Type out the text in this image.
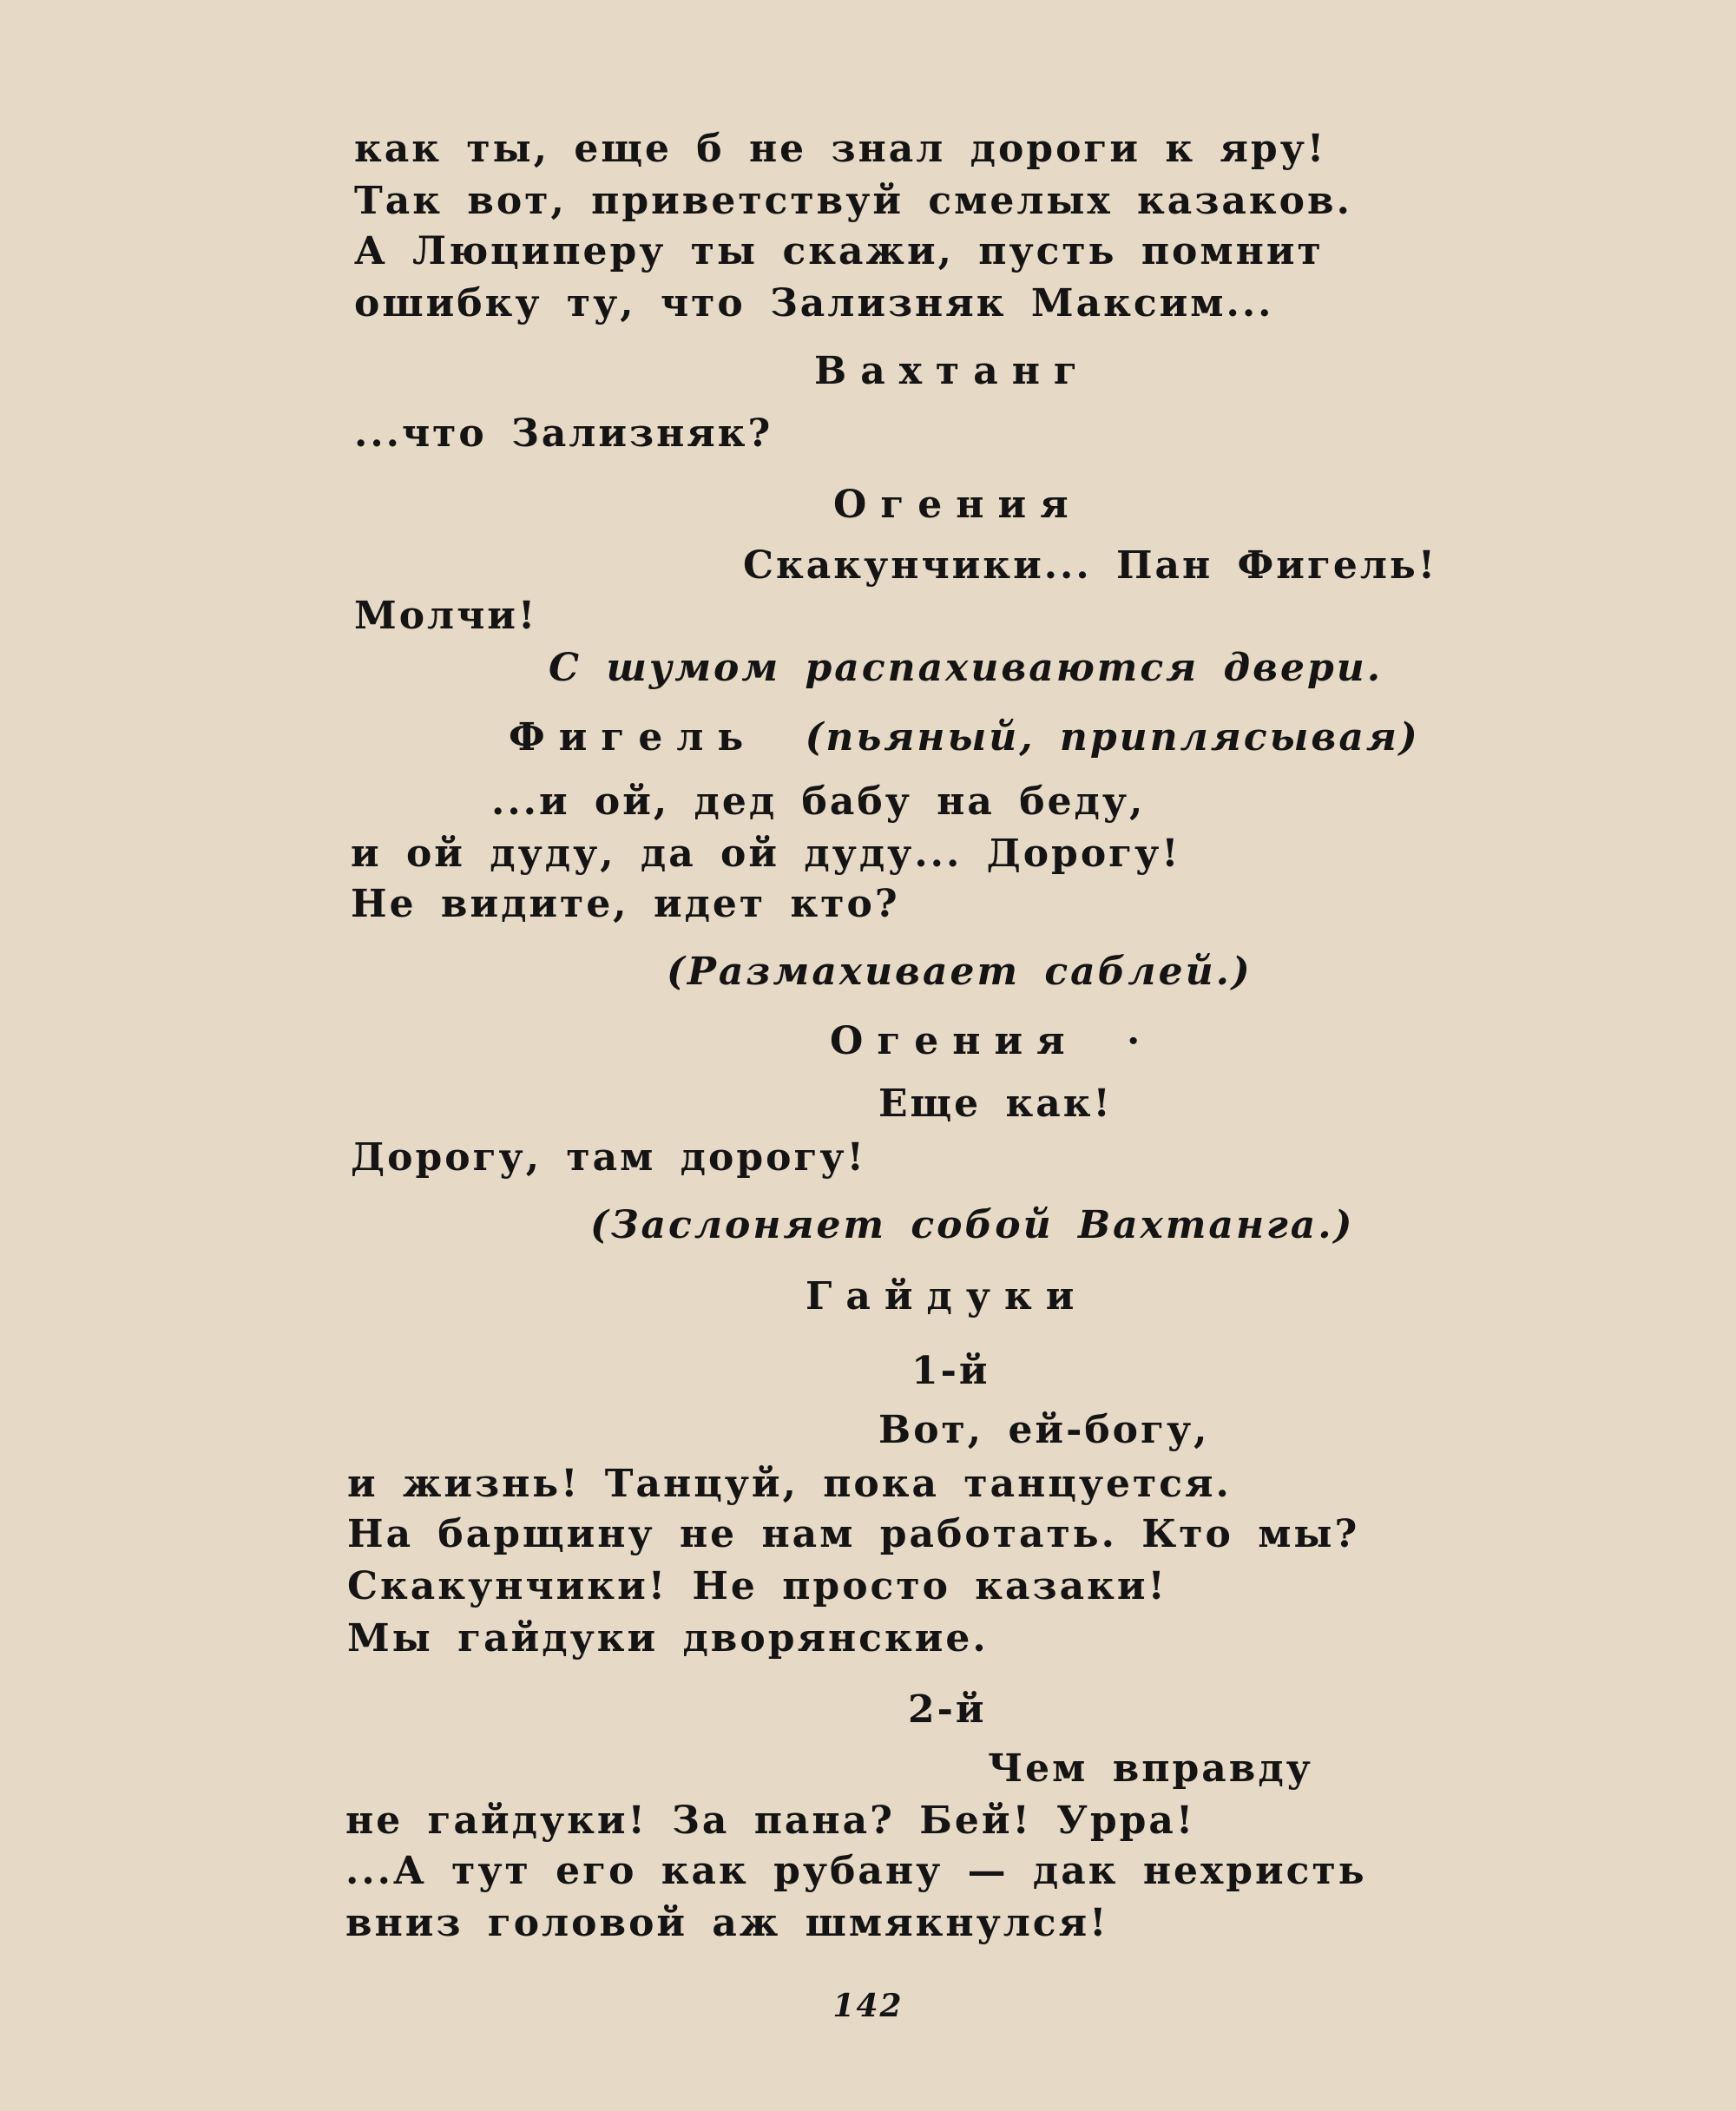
как ты, еще б не знал дороги к яру!
Так вот, приветствуй смелых казаков.
А Люциперу ты скажи, пусть помнит
ошибку ту, что Зализняк Максим...
Вахтанг
...что Зализняк?
Огения
Скакунчики... Пан Фигель!
Молчи!
С шумом распахиваются двери.
Фигель (пьяный, приплясывая)
...и ой, дед бабу на беду,
и ой дуду, да ой дуду... Дорогу!
Не видите, идет кто?
(Размахивает саблей.)
Огения ·
Еще как!
Дорогу, там дорогу!
(Заслоняет собой Вахтанга.)
Гайдуки
1-й
Вот, ей-богу,
и жизнь! Танцуй, пока танцуется.
На барщину не нам работать. Кто мы?
Скакунчики! Не просто казаки!
Мы гайдуки дворянские.
2-й
Чем вправду
не гайдуки! За пана? Бей! Урра!
...А тут его как рубану — дак нехристь
вниз головой аж шмякнулся!
142
